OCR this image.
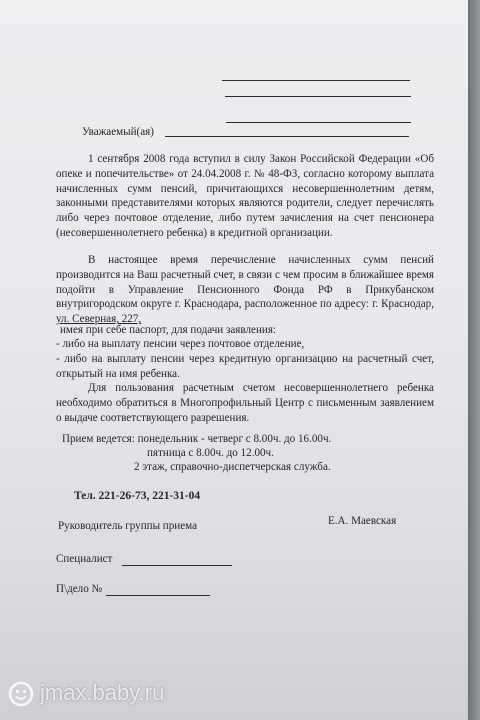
Уважаемый(ая)
1 сентября 2008 года вступил в силу Закон Российской Федерации «Об опеке и попечительстве» от 24.04.2008 г. № 48-ФЗ, согласно которому выплата начисленных сумм пенсий, причитающихся несовершеннолетним детям, законными представителями которых являются родители, следует перечислять либо через почтовое отделение, либо путем зачисления на счет пенсионера (несовершеннолетнего ребенка) в кредитной организации.
В настоящее время перечисление начисленных сумм пенсий производится на Ваш расчетный счет, в связи с чем просим в ближайшее время подойти в Управление Пенсионного Фонда РФ в Прикубанском внутригородском округе г. Краснодара, расположенное по адресу: г. Краснодар, ул. Северная, 227,
имея при себе паспорт, для подачи заявления:
- либо на выплату пенсии через почтовое отделение,
- либо на выплату пенсии через кредитную организацию на расчетный счет, открытый на имя ребенка.
Для пользования расчетным счетом несовершеннолетнего ребенка необходимо обратиться в Многопрофильный Центр с письменным заявлением о выдаче соответствующего разрешения.
Прием ведется: понедельник - четверг с 8.00ч. до 16.00ч.
пятница с 8.00ч. до 12.00ч.
2 этаж, справочно-диспетчерская служба.
Тел. 221-26-73, 221-31-04
Руководитель группы приема	Е.А. Маевская
Специалист
П\дело №
jmax.baby.ru
